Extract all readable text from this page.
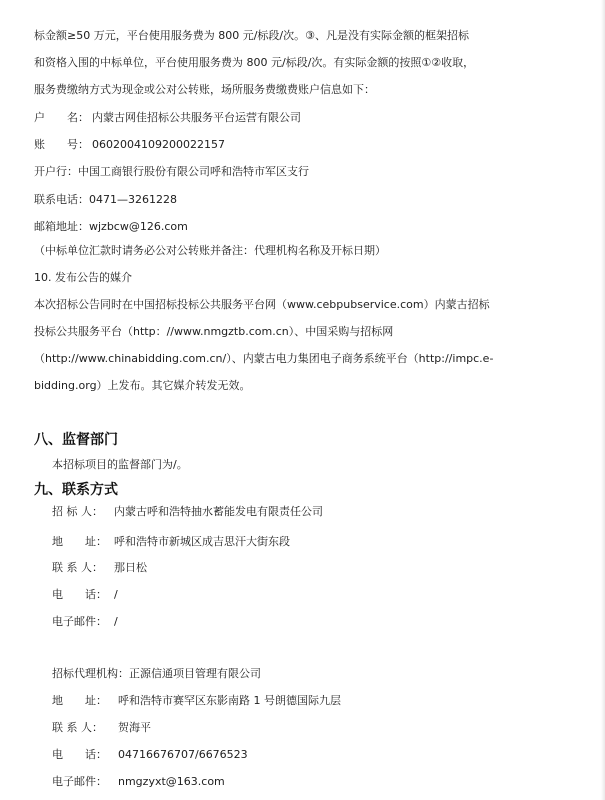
标金额≥50 万元，平台使用服务费为 800 元/标段/次。③、凡是没有实际金额的框架招标
和资格入围的中标单位，平台使用服务费为 800 元/标段/次。有实际金额的按照①②收取，
服务费缴纳方式为现金或公对公转账，场所服务费缴费账户信息如下：
户　　名： 内蒙古网佳招标公共服务平台运营有限公司
账　　号： 0602004109200022157
开户行：中国工商银行股份有限公司呼和浩特市军区支行
联系电话：0471—3261228
邮箱地址：wjzbcw@126.com
（中标单位汇款时请务必公对公转账并备注：代理机构名称及开标日期）
10. 发布公告的媒介
本次招标公告同时在中国招标投标公共服务平台网（www.cebpubservice.com）内蒙古招标
投标公共服务平台（http：//www.nmgztb.com.cn）、中国采购与招标网
（http://www.chinabidding.com.cn/）、内蒙古电力集团电子商务系统平台（http://impc.e-
bidding.org）上发布。其它媒介转发无效。
八、监督部门
本招标项目的监督部门为/。
九、联系方式
招 标 人： 内蒙古呼和浩特抽水蓄能发电有限责任公司
地　　址： 呼和浩特市新城区成吉思汗大街东段
联 系 人： 那日松
电　　话： /
电子邮件： /
招标代理机构：正源信通项目管理有限公司
地　　址： 呼和浩特市赛罕区东影南路 1 号朗德国际九层
联 系 人： 贺海平
电　　话： 04716676707/6676523
电子邮件： nmgzyxt@163.com
